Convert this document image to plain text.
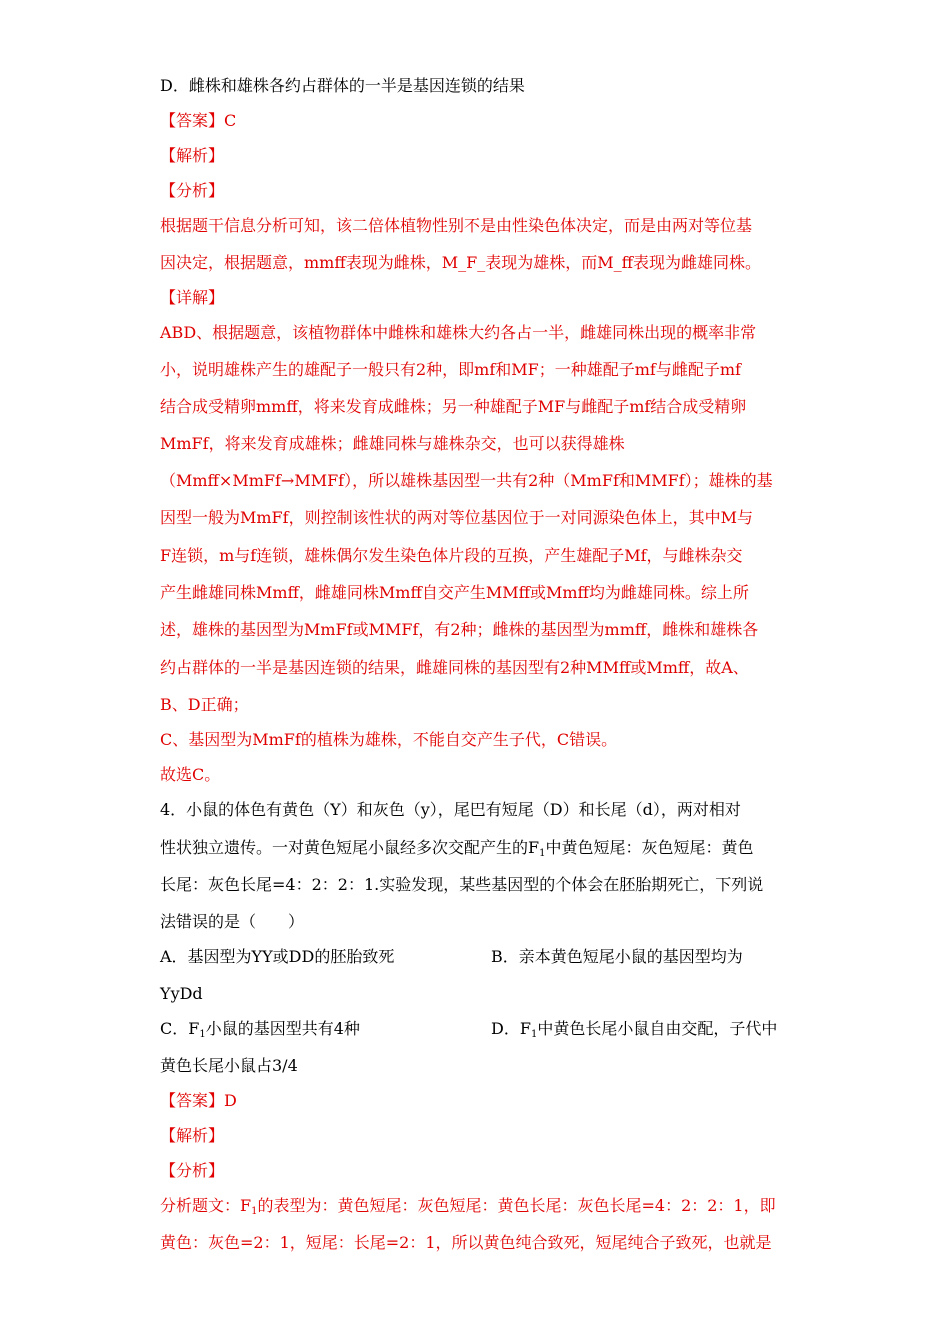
D．雌株和雄株各约占群体的一半是基因连锁的结果
【答案】C
【解析】
【分析】
根据题干信息分析可知，该二倍体植物性别不是由性染色体决定，而是由两对等位基
因决定，根据题意，mmff表现为雌株，M_F_表现为雄株，而M_ff表现为雌雄同株。
【详解】
ABD、根据题意，该植物群体中雌株和雄株大约各占一半，雌雄同株出现的概率非常
小，说明雄株产生的雄配子一般只有2种，即mf和MF；一种雄配子mf与雌配子mf
结合成受精卵mmff，将来发育成雌株；另一种雄配子MF与雌配子mf结合成受精卵
MmFf，将来发育成雄株；雌雄同株与雄株杂交，也可以获得雄株
（Mmff×MmFf→MMFf），所以雄株基因型一共有2种（MmFf和MMFf）；雄株的基
因型一般为MmFf，则控制该性状的两对等位基因位于一对同源染色体上，其中M与
F连锁，m与f连锁，雄株偶尔发生染色体片段的互换，产生雄配子Mf，与雌株杂交
产生雌雄同株Mmff，雌雄同株Mmff自交产生MMff或Mmff均为雌雄同株。综上所
述，雄株的基因型为MmFf或MMFf，有2种；雌株的基因型为mmff，雌株和雄株各
约占群体的一半是基因连锁的结果，雌雄同株的基因型有2种MMff或Mmff，故A、
B、D正确；
C、基因型为MmFf的植株为雄株，不能自交产生子代，C错误。
故选C。
4．小鼠的体色有黄色（Y）和灰色（y），尾巴有短尾（D）和长尾（d），两对相对
性状独立遗传。一对黄色短尾小鼠经多次交配产生的$F_1$中黄色短尾：灰色短尾：黄色
长尾：灰色长尾=4：2：2：1.实验发现，某些基因型的个体会在胚胎期死亡，下列说
法错误的是（　　）
A．基因型为YY或DD的胚胎致死	B．亲本黄色短尾小鼠的基因型均为
YyDd
C．$F_1$小鼠的基因型共有4种	D．$F_1$中黄色长尾小鼠自由交配，子代中
黄色长尾小鼠占3/4
【答案】D
【解析】
【分析】
分析题文：$F_1$的表型为：黄色短尾：灰色短尾：黄色长尾：灰色长尾=4：2：2：1，即
黄色：灰色=2：1，短尾：长尾=2：1，所以黄色纯合致死，短尾纯合子致死，也就是
